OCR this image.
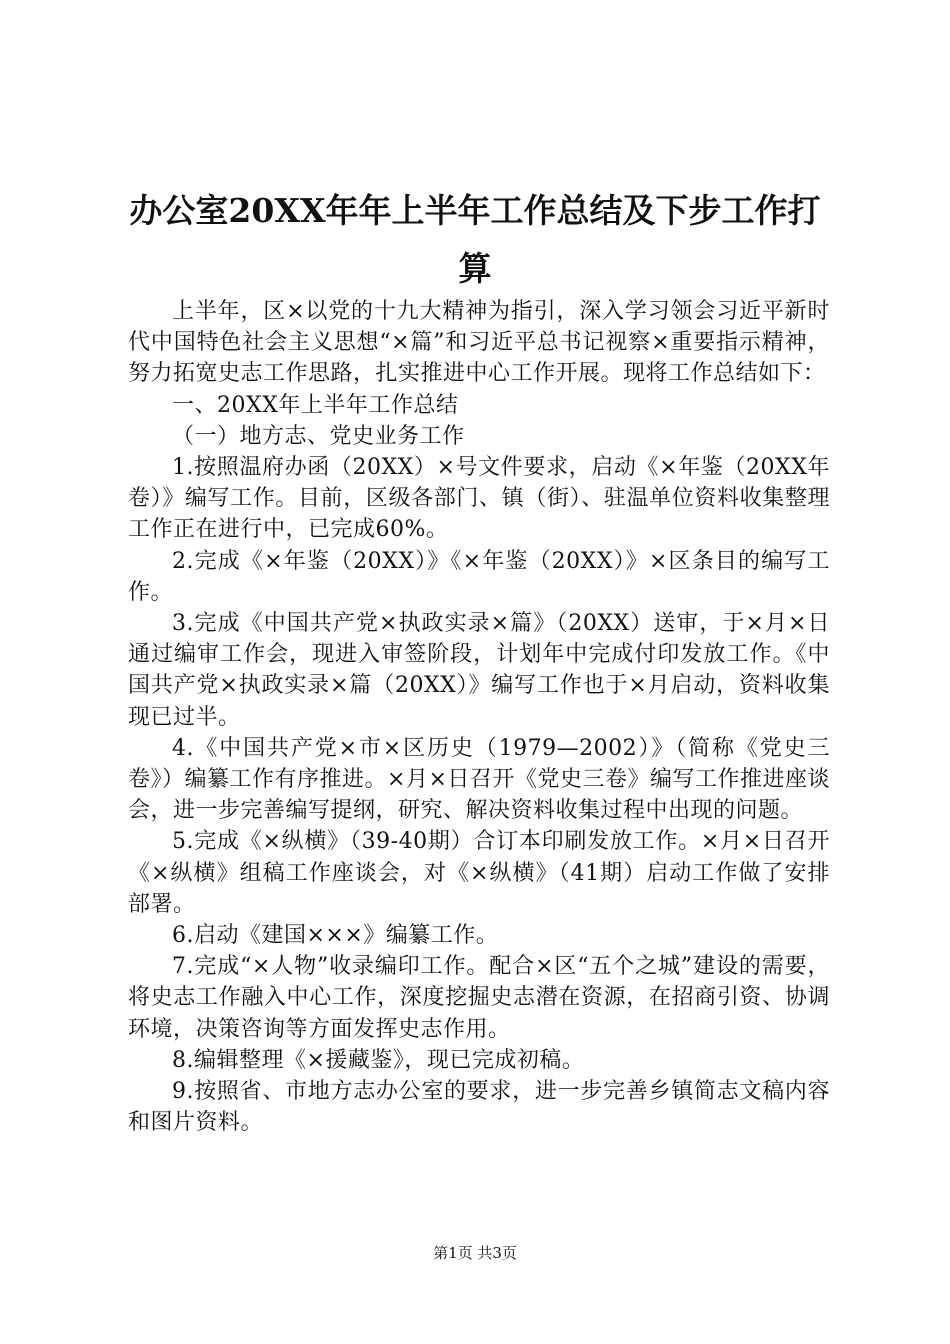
办公室20XX年年上半年工作总结及下步工作打算

上半年，区×以党的十九大精神为指引，深入学习领会习近平新时代中国特色社会主义思想“×篇”和习近平总书记视察×重要指示精神，努力拓宽史志工作思路，扎实推进中心工作开展。现将工作总结如下：

一、20XX年上半年工作总结

（一）地方志、党史业务工作

1.按照温府办函（20XX）×号文件要求，启动《×年鉴（20XX年卷）》编写工作。目前，区级各部门、镇（街）、驻温单位资料收集整理工作正在进行中，已完成60%。

2.完成《×年鉴（20XX）》《×年鉴（20XX）》×区条目的编写工作。

3.完成《中国共产党×执政实录×篇》（20XX）送审，于×月×日通过编审工作会，现进入审签阶段，计划年中完成付印发放工作。《中国共产党×执政实录×篇（20XX）》编写工作也于×月启动，资料收集现已过半。

4.《中国共产党×市×区历史（1979—2002）》（简称《党史三卷》）编纂工作有序推进。×月×日召开《党史三卷》编写工作推进座谈会，进一步完善编写提纲，研究、解决资料收集过程中出现的问题。

5.完成《×纵横》（39-40期）合订本印刷发放工作。×月×日召开《×纵横》组稿工作座谈会，对《×纵横》（41期）启动工作做了安排部署。

6.启动《建国×××》编纂工作。

7.完成“×人物”收录编印工作。配合×区“五个之城”建设的需要，将史志工作融入中心工作，深度挖掘史志潜在资源，在招商引资、协调环境，决策咨询等方面发挥史志作用。

8.编辑整理《×援藏鉴》，现已完成初稿。

9.按照省、市地方志办公室的要求，进一步完善乡镇简志文稿内容和图片资料。

第1页 共3页
